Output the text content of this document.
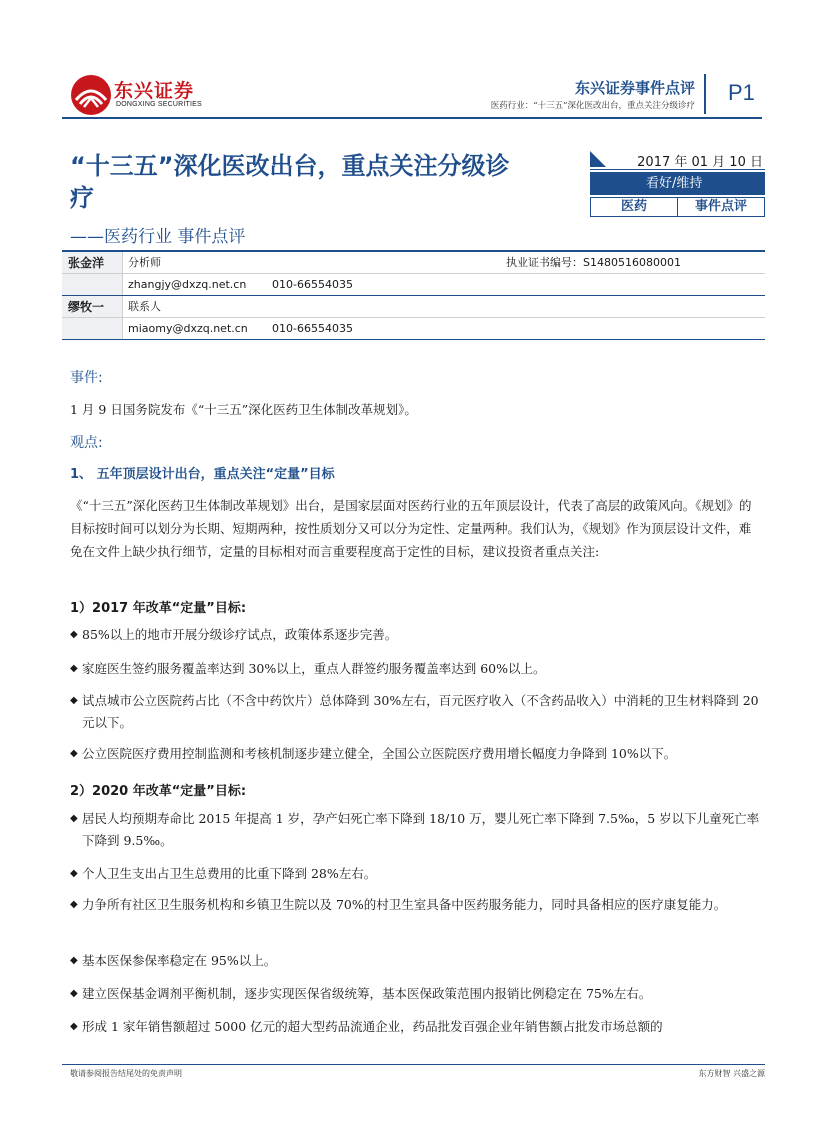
东兴证券
DONGXING SECURITIES
东兴证券事件点评
医药行业：“十三五”深化医改出台，重点关注分级诊疗
P1
“十三五”深化医改出台，重点关注分级诊疗
——医药行业 事件点评
2017 年 01 月 10 日
看好/维持
医药	事件点评
张金洋	分析师	执业证书编号：S1480516080001
zhangjy@dxzq.net.cn 010-66554035
缪牧一	联系人
miaomy@dxzq.net.cn 010-66554035
事件:
1 月 9 日国务院发布《“十三五”深化医药卫生体制改革规划》。
观点:
1、 五年顶层设计出台，重点关注“定量”目标
《“十三五”深化医药卫生体制改革规划》出台，是国家层面对医药行业的五年顶层设计，代表了高层的政策风向。《规划》的目标按时间可以划分为长期、短期两种，按性质划分又可以分为定性、定量两种。我们认为，《规划》作为顶层设计文件，难免在文件上缺少执行细节，定量的目标相对而言重要程度高于定性的目标，建议投资者重点关注:
1）2017 年改革“定量”目标:
◆ 85%以上的地市开展分级诊疗试点，政策体系逐步完善。
◆ 家庭医生签约服务覆盖率达到 30%以上，重点人群签约服务覆盖率达到 60%以上。
◆ 试点城市公立医院药占比（不含中药饮片）总体降到 30%左右，百元医疗收入（不含药品收入）中消耗的卫生材料降到 20 元以下。
◆ 公立医院医疗费用控制监测和考核机制逐步建立健全，全国公立医院医疗费用增长幅度力争降到 10%以下。
2）2020 年改革“定量”目标:
◆ 居民人均预期寿命比 2015 年提高 1 岁，孕产妇死亡率下降到 18/10 万，婴儿死亡率下降到 7.5‰，5 岁以下儿童死亡率下降到 9.5‰。
◆ 个人卫生支出占卫生总费用的比重下降到 28%左右。
◆ 力争所有社区卫生服务机构和乡镇卫生院以及 70%的村卫生室具备中医药服务能力，同时具备相应的医疗康复能力。
◆ 基本医保参保率稳定在 95%以上。
◆ 建立医保基金调剂平衡机制，逐步实现医保省级统筹，基本医保政策范围内报销比例稳定在 75%左右。
◆ 形成 1 家年销售额超过 5000 亿元的超大型药品流通企业，药品批发百强企业年销售额占批发市场总额的
敬请参阅报告结尾处的免责声明	东方财智 兴盛之源
